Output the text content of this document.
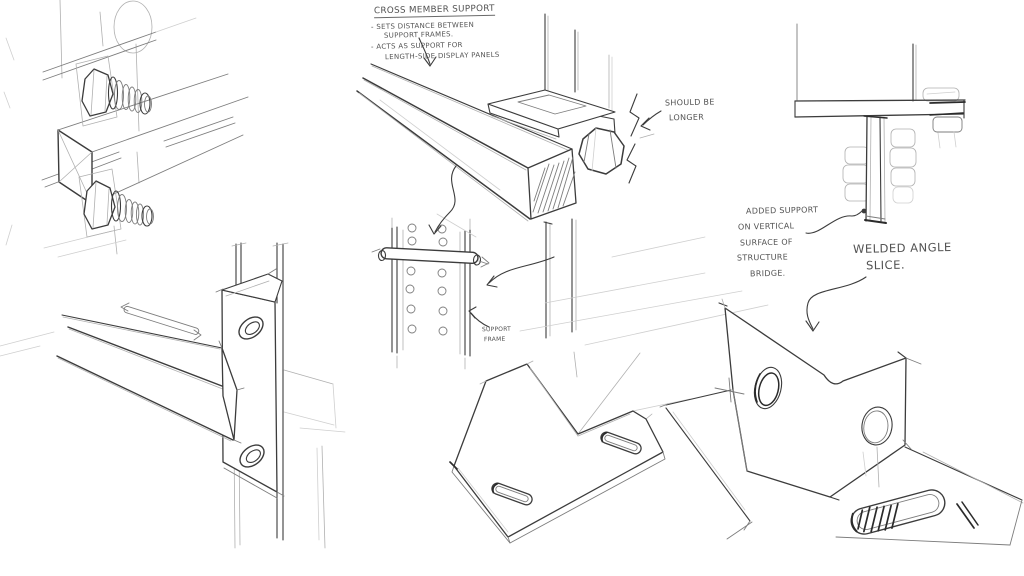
CROSS MEMBER SUPPORT
- SETS DISTANCE BETWEEN
SUPPORT FRAMES.
- ACTS AS SUPPORT FOR
LENGTH-SIDE DISPLAY PANELS
SHOULD BE
LONGER
SUPPORT
FRAME
ADDED SUPPORT
ON VERTICAL
SURFACE OF
STRUCTURE
BRIDGE.
WELDED ANGLE
SLICE.
